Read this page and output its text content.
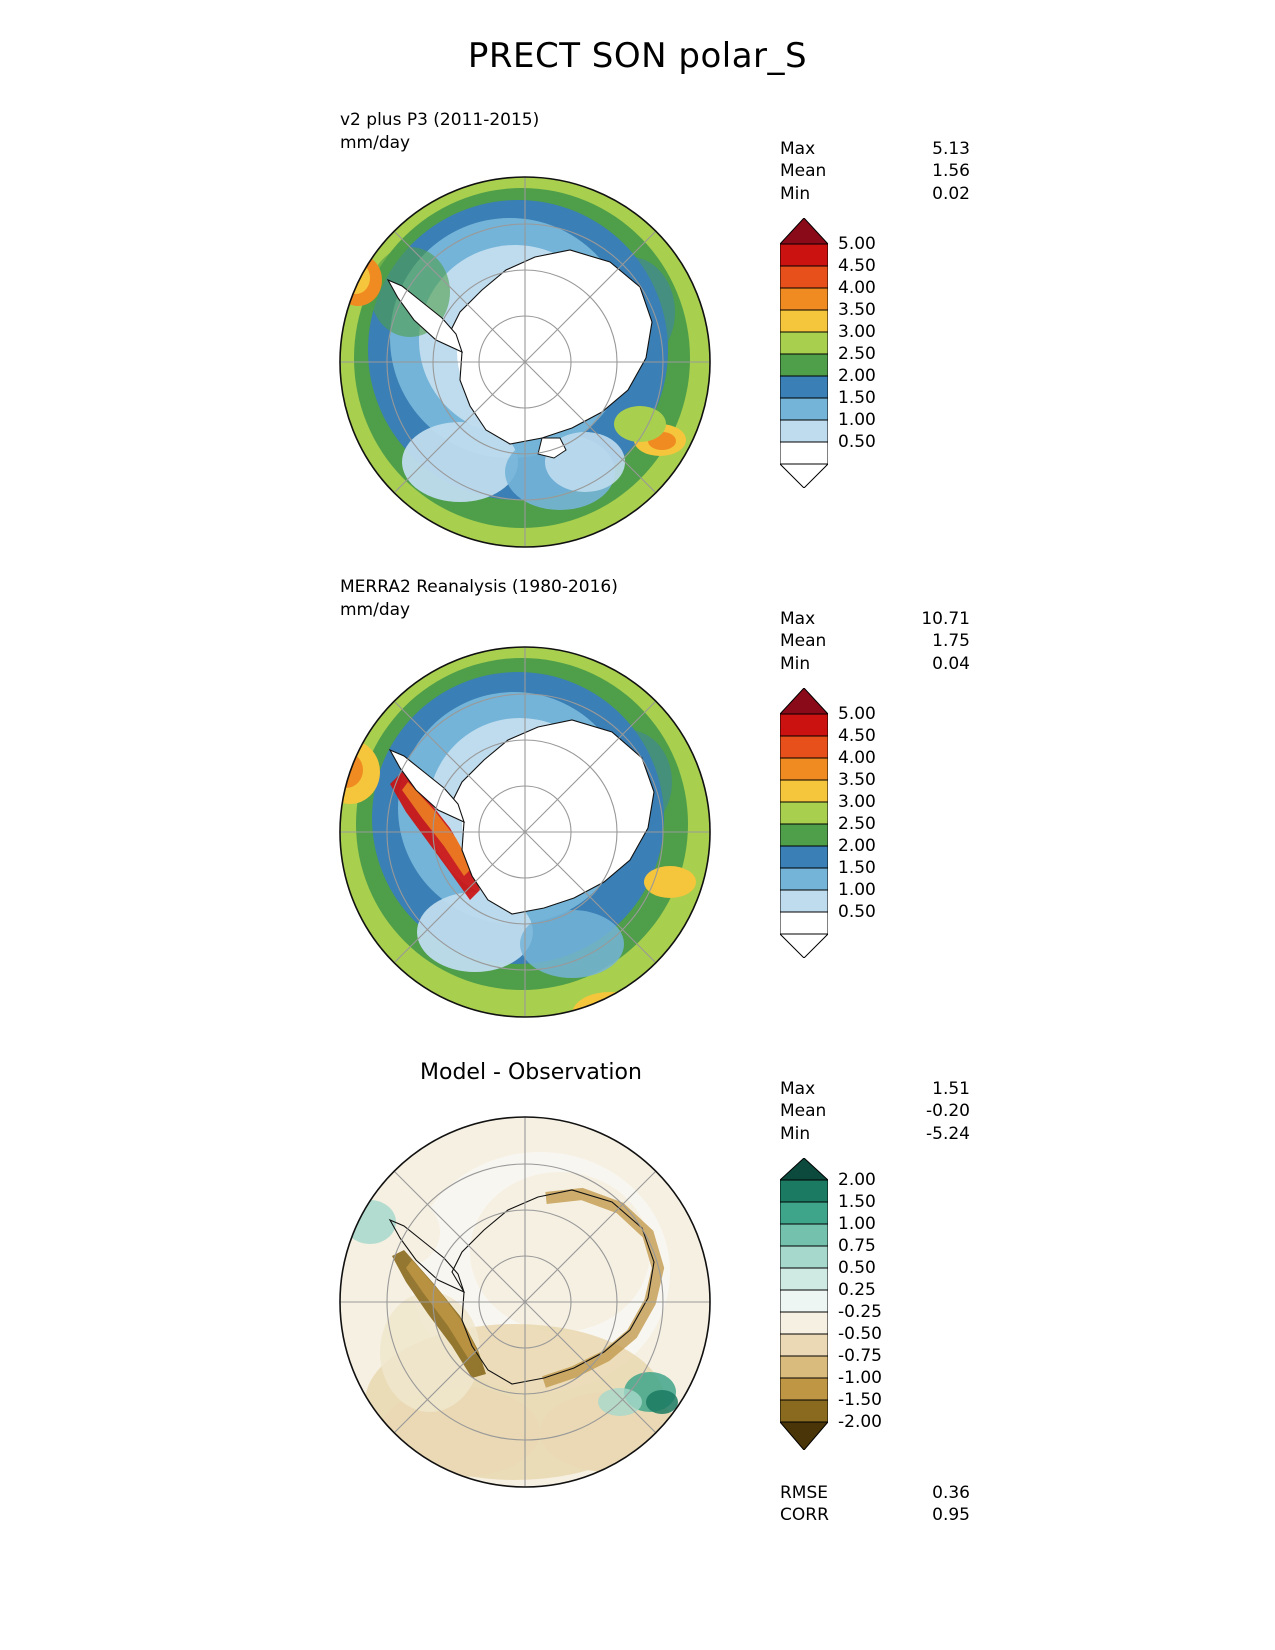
PRECT SON polar_S
v2 plus P3 (2011-2015)
mm/day	Max	5.13
Mean	1.56
Min	0.02
5.00
4.50
4.00
3.50
3.00
2.50
2.00
1.50
1.00
0.50
MERRA2 Reanalysis (1980-2016)
mm/day	Max	10.71
Mean	1.75
Min	0.04
5.00
4.50
4.00
3.50
3.00
2.50
2.00
1.50
1.00
0.50
Model - Observation
Max	1.51
Mean	-0.20
Min	-5.24
2.00
1.50
1.00
0.75
0.50
0.25
-0.25
-0.50
-0.75
-1.00
-1.50
-2.00
RMSE	0.36
CORR	0.95
